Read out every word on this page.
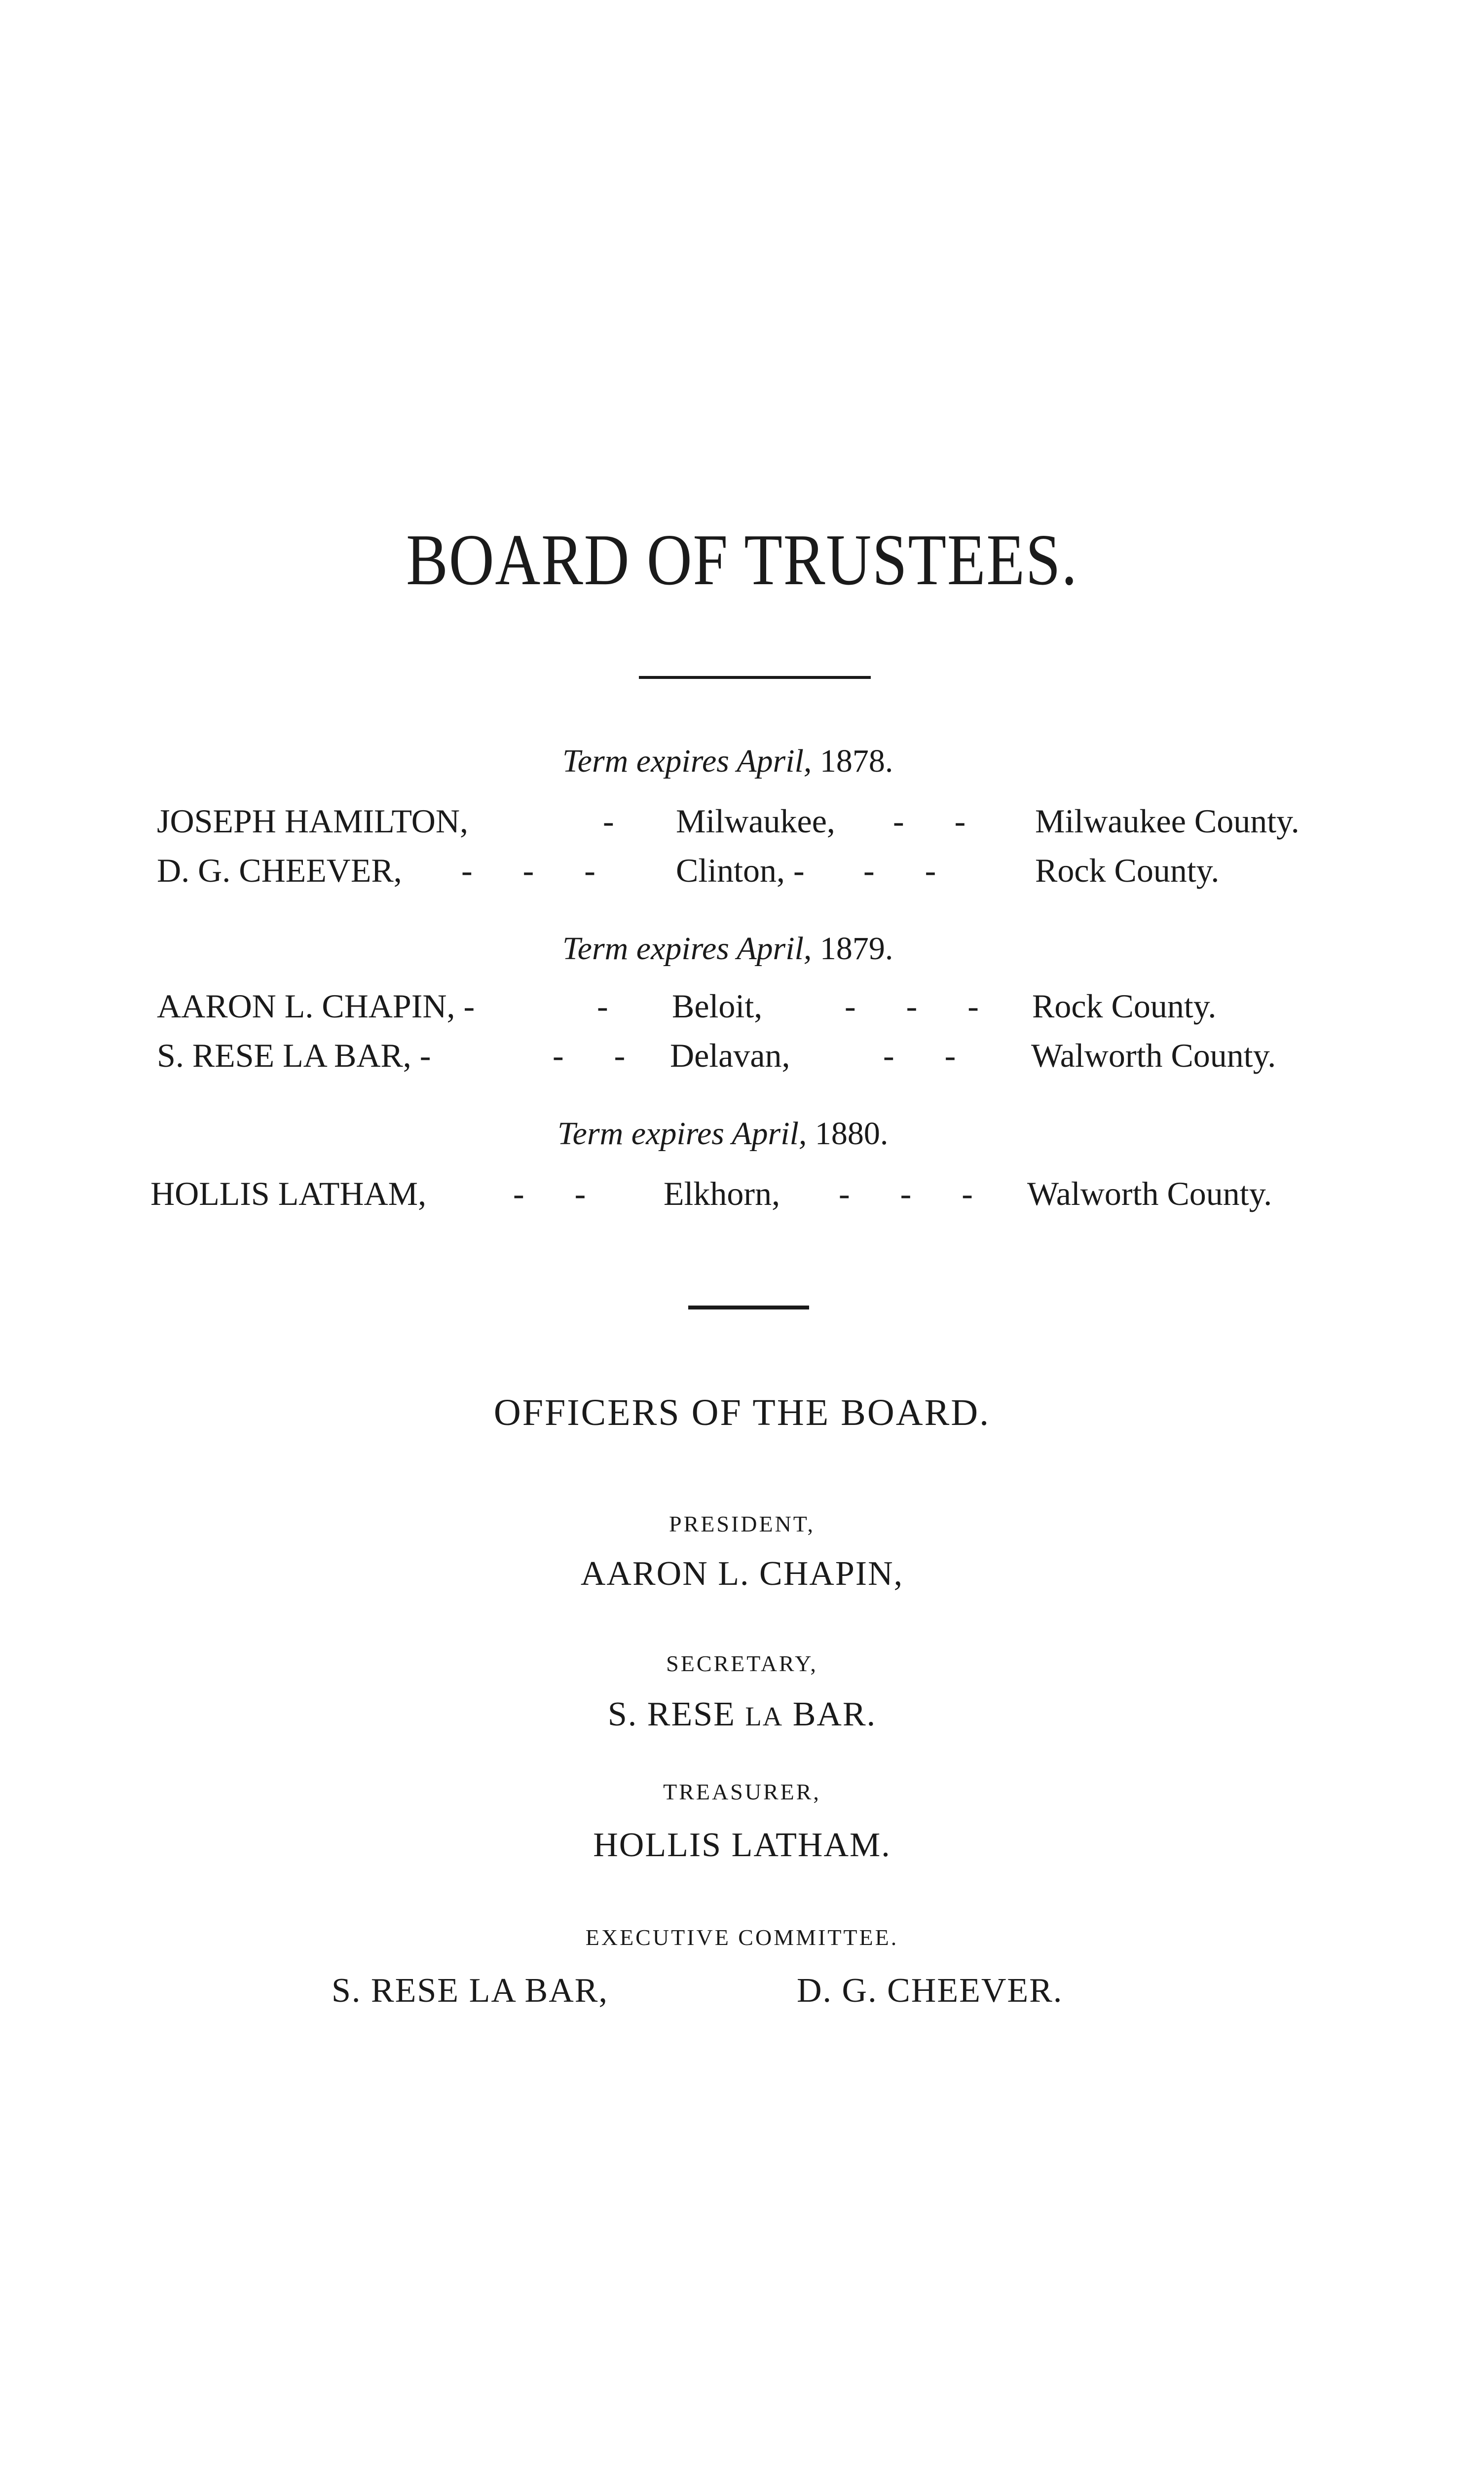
BOARD OF TRUSTEES.
Term expires April, 1878.
JOSEPH HAMILTON,	- Milwaukee, -      - Milwaukee County.
D. G. CHEEVER, -      -      - Clinton, - -      -	Rock County.
Term expires April, 1879.
AARON L. CHAPIN, -	- Beloit, -      -      - Rock County.
S. RESE LA BAR, -	-      - Delavan,	-      - Walworth County.
Term expires April, 1880.
HOLLIS LATHAM,	-      - Elkhorn, -      -      - Walworth County.
OFFICERS OF THE BOARD.
PRESIDENT,
AARON L. CHAPIN,
SECRETARY,
S. RESE LA BAR.
TREASURER,
HOLLIS LATHAM.
EXECUTIVE COMMITTEE.
S. RESE LA BAR,	D. G. CHEEVER.
